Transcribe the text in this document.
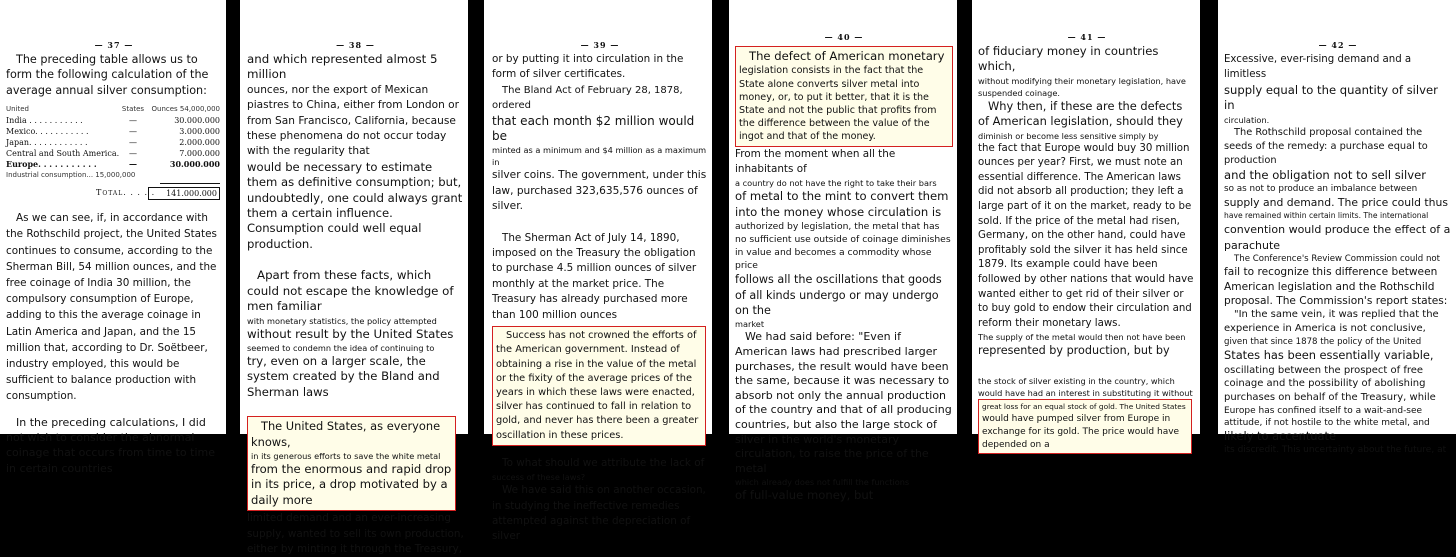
— 37 —
The preceding table allows us to form the following calculation of the average annual silver consumption:
United	States	Ounces 54,000,000
India . . . . . . . . . . .	—	30.000.000
Mexico. . . . . . . . . . .	—	3.000.000
Japan. . . . . . . . . . . .	—	2.000.000
Central and South America.	—	7.000.000
Europe. . . . . . . . . . .	—	30.000.000
Industrial consumption... 15,000,000
Total. . . . .	141.000.000
As we can see, if, in accordance with the Rothschild project, the United States continues to consume, according to the Sherman Bill, 54 million ounces, and the free coinage of India 30 million, the compulsory consumption of Europe, adding to this the average coinage in Latin America and Japan, and the 15 million that, according to Dr. Soëtbeer, industry employed, this would be sufficient to balance production with consumption.
In the preceding calculations, I did not wish to consider the abnormal coinage that occurs from time to time in certain countries
— 38 —
and which represented almost 5 million
ounces, nor the export of Mexican piastres to China, either from London or from San Francisco, California, because these phenomena do not occur today with the regularity that
would be necessary to estimate them as definitive consumption; but, undoubtedly, one could always grant them a certain influence. Consumption could well equal production.
Apart from these facts, which could not escape the knowledge of men familiar
with monetary statistics, the policy attempted
without result by the United States
seemed to condemn the idea of continuing to
try, even on a larger scale, the system created by the Bland and Sherman laws
The United States, as everyone knows,
in its generous efforts to save the white metal
from the enormous and rapid drop in its price, a drop motivated by a daily more
limited demand and an ever-increasing supply, wanted to sell its own production, either by minting it through the Treasury,
— 39 —
or by putting it into circulation in the form of silver certificates.
The Bland Act of February 28, 1878, ordered
that each month $2 million would be
minted as a minimum and $4 million as a maximum in
silver coins. The government, under this law, purchased 323,635,576 ounces of silver.
The Sherman Act of July 14, 1890, imposed on the Treasury the obligation to purchase 4.5 million ounces of silver monthly at the market price. The Treasury has already purchased more than 100 million ounces
Success has not crowned the efforts of the American government. Instead of obtaining a rise in the value of the metal or the fixity of the average prices of the years in which these laws were enacted, silver has continued to fall in relation to gold, and never has there been a greater oscillation in these prices.
To what should we attribute the lack of
success of these laws?
We have said this on another occasion, in studying the ineffective remedies attempted against the depreciation of silver
— 40 —
The defect of American monetary
legislation consists in the fact that the State alone converts silver metal into money, or, to put it better, that it is the State and not the public that profits from the difference between the value of the ingot and that of the money.
From the moment when all the inhabitants of
a country do not have the right to take their bars
of metal to the mint to convert them into the money whose circulation is
authorized by legislation, the metal that has no sufficient use outside of coinage diminishes in value and becomes a commodity whose price
follows all the oscillations that goods of all kinds undergo or may undergo on the
market
We had said before: "Even if American laws had prescribed larger purchases, the result would have been the same, because it was necessary to absorb not only the annual production of the country and that of all producing countries, but also the large stock of silver in the world's monetary circulation, to raise the price of the metal
which already does not fulfill the functions
of full-value money, but
— 41 —
of fiduciary money in countries which,
without modifying their monetary legislation, have suspended coinage.
Why then, if these are the defects of American legislation, should they
diminish or become less sensitive simply by
the fact that Europe would buy 30 million ounces per year? First, we must note an essential difference. The American laws did not absorb all production; they left a large part of it on the market, ready to be sold. If the price of the metal had risen, Germany, on the other hand, could have profitably sold the silver it has held since 1879. Its example could have been followed by other nations that would have wanted either to get rid of their silver or to buy gold to endow their circulation and reform their monetary laws.
The supply of the metal would then not have been
represented by production, but by
the stock of silver existing in the country, which
would have had an interest in substituting it without
great loss for an equal stock of gold. The United States
would have pumped silver from Europe in exchange for its gold. The price would have depended on a
— 42 —
Excessive, ever-rising demand and a limitless
supply equal to the quantity of silver in
circulation.
The Rothschild proposal contained the seeds of the remedy: a purchase equal to production
and the obligation not to sell silver
so as not to produce an imbalance between
supply and demand. The price could thus
have remained within certain limits. The international
convention would produce the effect of a parachute
The Conference's Review Commission could not
fail to recognize this difference between American legislation and the Rothschild proposal. The Commission's report states:
"In the same vein, it was replied that the experience in America is not conclusive,
given that since 1878 the policy of the United
States has been essentially variable,
oscillating between the prospect of free coinage and the possibility of abolishing purchases on behalf of the Treasury, while
Europe has confined itself to a wait-and-see attitude, if not hostile to the white metal, and
likely to accentuate
its discredit. This uncertainty about the future, at
